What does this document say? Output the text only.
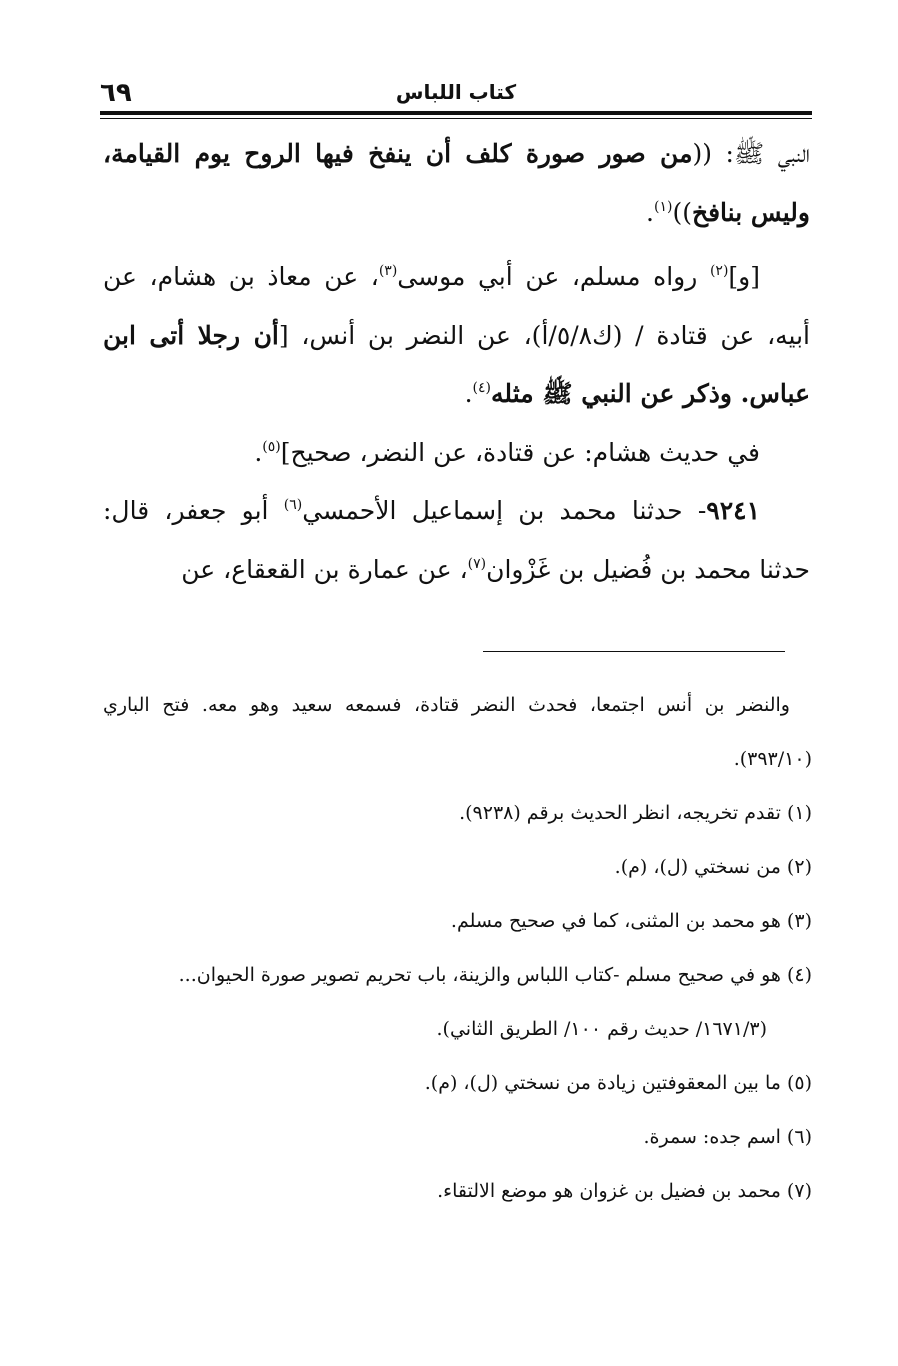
٦٩	كتاب اللباس

النبي ﷺ: ((من صور صورة كلف أن ينفخ فيها الروح يوم القيامة، وليس بنافخ))$^{(١)}$.

[و]$^{(٢)}$ رواه مسلم، عن أبي موسى$^{(٣)}$، عن معاذ بن هشام، عن أبيه، عن قتادة / (ك٥/٨/أ)، عن النضر بن أنس، [أن رجلا أتى ابن عباس. وذكر عن النبي ﷺ مثله$^{(٤)}$.

في حديث هشام: عن قتادة، عن النضر، صحيح]$^{(٥)}$.

٩٢٤١- حدثنا محمد بن إسماعيل الأحمسي$^{(٦)}$ أبو جعفر، قال: حدثنا محمد بن فُضيل بن غَزْوان$^{(٧)}$، عن عمارة بن القعقاع، عن

والنضر بن أنس اجتمعا، فحدث النضر قتادة، فسمعه سعيد وهو معه. فتح الباري (٣٩٣/١٠).

(١) تقدم تخريجه، انظر الحديث برقم (٩٢٣٨).

(٢) من نسختي (ل)، (م).

(٣) هو محمد بن المثنى، كما في صحيح مسلم.

(٤) هو في صحيح مسلم -كتاب اللباس والزينة، باب تحريم تصوير صورة الحيوان...

(١٦٧١/٣/ حديث رقم ١٠٠/ الطريق الثاني).

(٥) ما بين المعقوفتين زيادة من نسختي (ل)، (م).

(٦) اسم جده: سمرة.

(٧) محمد بن فضيل بن غزوان هو موضع الالتقاء.
